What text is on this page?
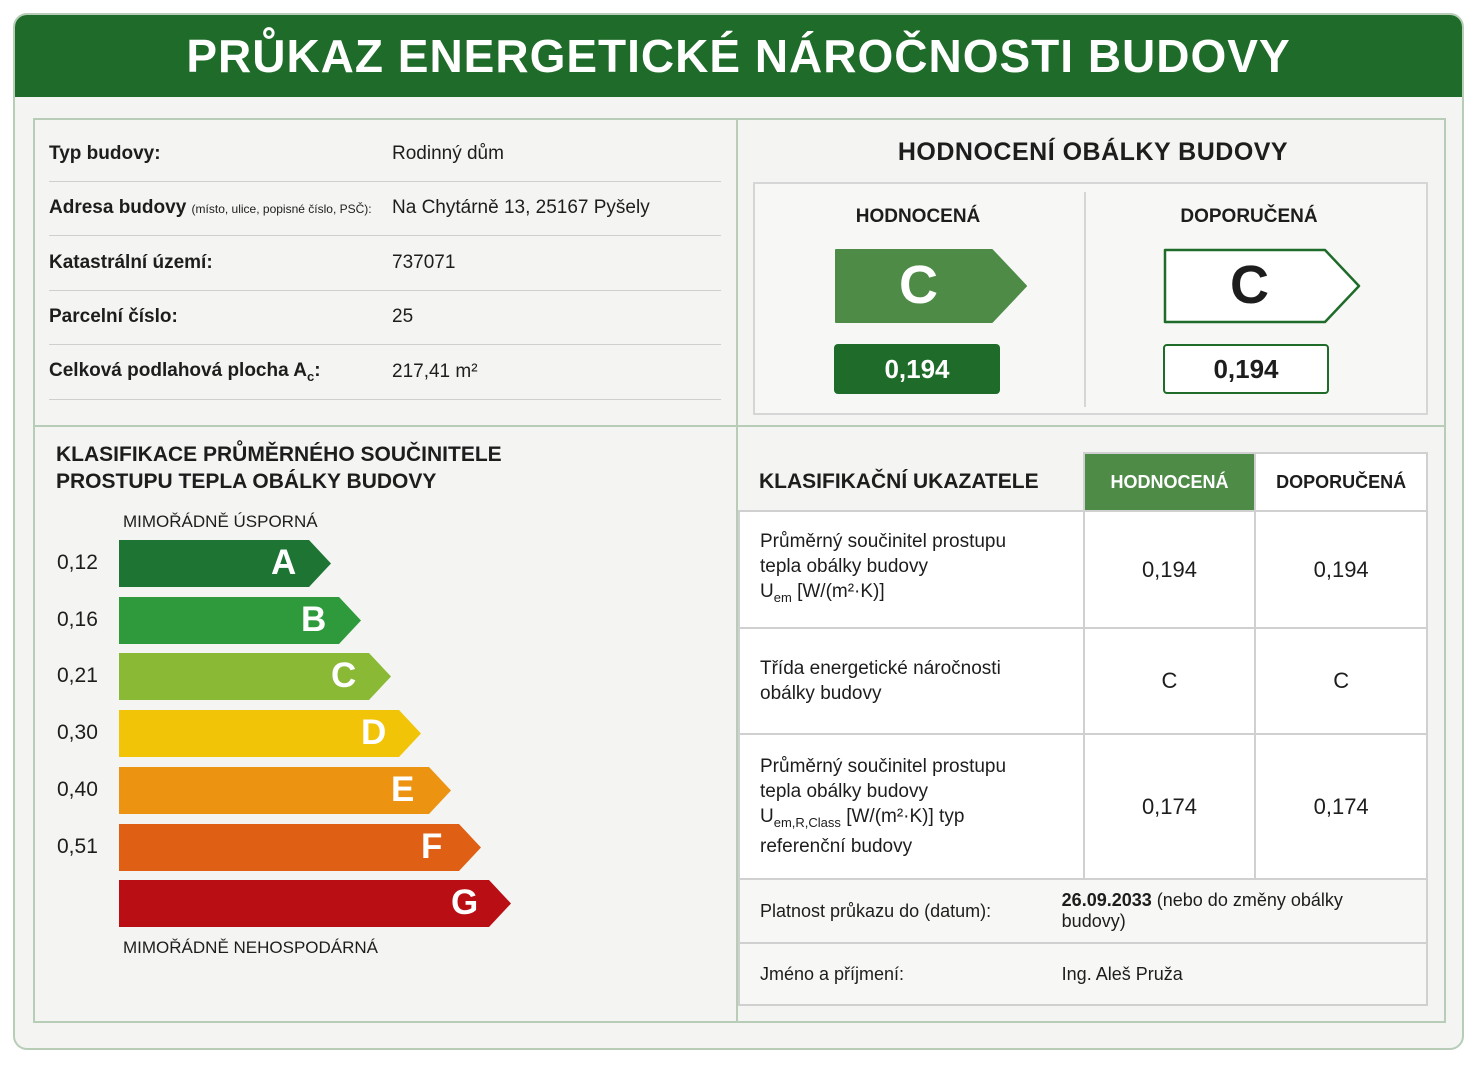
PRŮKAZ ENERGETICKÉ NÁROČNOSTI BUDOVY
Typ budovy:	Rodinný dům
Adresa budovy (místo, ulice, popisné číslo, PSČ):	Na Chytárně 13, 25167 Pyšely
Katastrální území:	737071
Parcelní číslo:	25
Celková podlahová plocha $A_c$:	217,41 m²
HODNOCENÍ OBÁLKY BUDOVY
HODNOCENÁ
C
0,194
DOPORUČENÁ
C
0,194
KLASIFIKACE PRŮMĚRNÉHO SOUČINITELE
PROSTUPU TEPLA OBÁLKY BUDOVY
MIMOŘÁDNĚ ÚSPORNÁ
0,12	A
0,16	B
0,21	C
0,30	D
0,40	E
0,51	F
G
MIMOŘÁDNĚ NEHOSPODÁRNÁ
KLASIFIKAČNÍ UKAZATELE	HODNOCENÁ	DOPORUČENÁ

Průměrný součinitel prostupu
tepla obálky budovy
$U_{em}$ [W/(m²·K)]	0,194	0,194

Třída energetické náročnosti
obálky budovy	C	C

Průměrný součinitel prostupu
tepla obálky budovy
$U_{em,R,Class}$ [W/(m²·K)] typ
referenční budovy	0,174	0,174
Platnost průkazu do (datum):	26.09.2033 (nebo do změny obálky budovy)	
Jméno a příjmení:	Ing. Aleš Pruža	
